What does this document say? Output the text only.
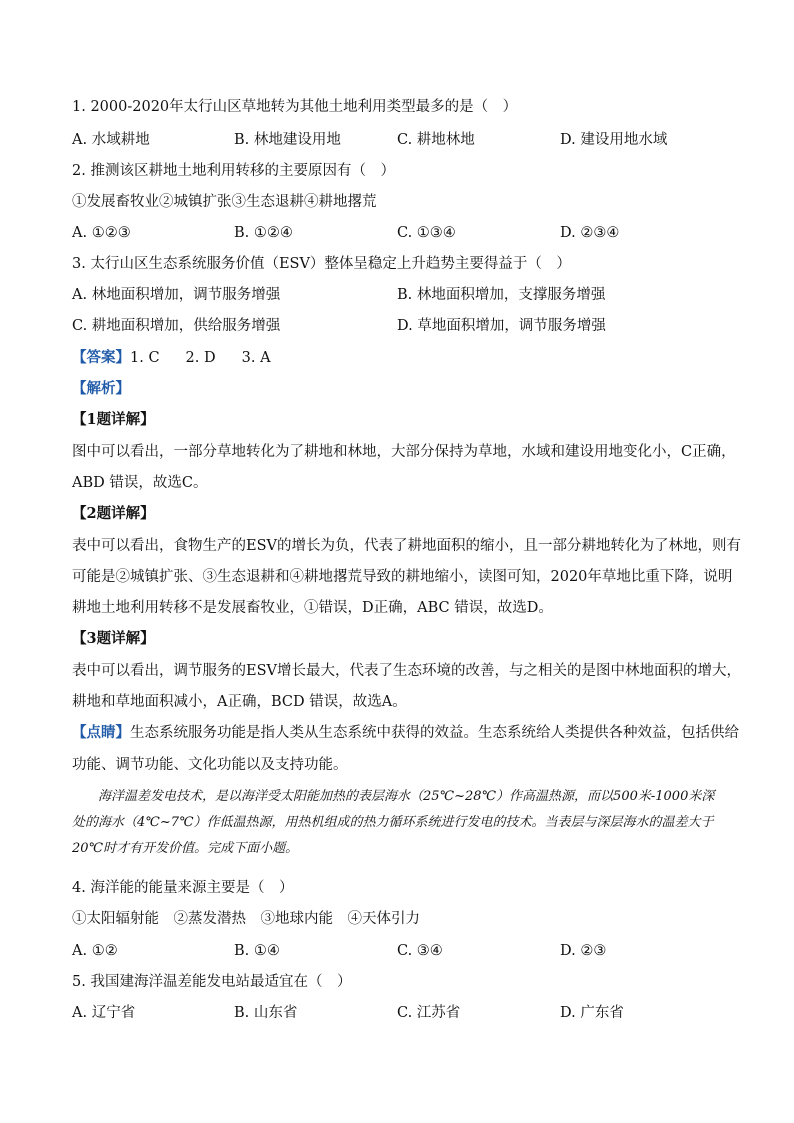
1. 2000-2020年太行山区草地转为其他土地利用类型最多的是（　）
A. 水域耕地	B. 林地建设用地	C. 耕地林地	D. 建设用地水域
2. 推测该区耕地土地利用转移的主要原因有（　）
①发展畜牧业②城镇扩张③生态退耕④耕地撂荒
A. ①②③	B. ①②④	C. ①③④	D. ②③④
3. 太行山区生态系统服务价值（ESV）整体呈稳定上升趋势主要得益于（　）
A. 林地面积增加，调节服务增强	B. 林地面积增加，支撑服务增强
C. 耕地面积增加，供给服务增强	D. 草地面积增加，调节服务增强
【答案】1. C 2. D 3. A
【解析】
【1题详解】
图中可以看出，一部分草地转化为了耕地和林地，大部分保持为草地，水域和建设用地变化小，C正确，
ABD 错误，故选C。
【2题详解】
表中可以看出，食物生产的ESV的增长为负，代表了耕地面积的缩小，且一部分耕地转化为了林地，则有
可能是②城镇扩张、③生态退耕和④耕地撂荒导致的耕地缩小，读图可知，2020年草地比重下降，说明
耕地土地利用转移不是发展畜牧业，①错误，D正确，ABC 错误，故选D。
【3题详解】
表中可以看出，调节服务的ESV增长最大，代表了生态环境的改善，与之相关的是图中林地面积的增大，
耕地和草地面积减小，A正确，BCD 错误，故选A。
【点睛】生态系统服务功能是指人类从生态系统中获得的效益。生态系统给人类提供各种效益，包括供给
功能、调节功能、文化功能以及支持功能。
海洋温差发电技术，是以海洋受太阳能加热的表层海水（25℃~28℃）作高温热源，而以500米-1000米深处的海水（4℃~7℃）作低温热源，用热机组成的热力循环系统进行发电的技术。当表层与深层海水的温差大于20℃时才有开发价值。完成下面小题。
4. 海洋能的能量来源主要是（　）
①太阳辐射能　②蒸发潜热　③地球内能　④天体引力
A. ①②	B. ①④	C. ③④	D. ②③
5. 我国建海洋温差能发电站最适宜在（　）
A. 辽宁省	B. 山东省	C. 江苏省	D. 广东省
